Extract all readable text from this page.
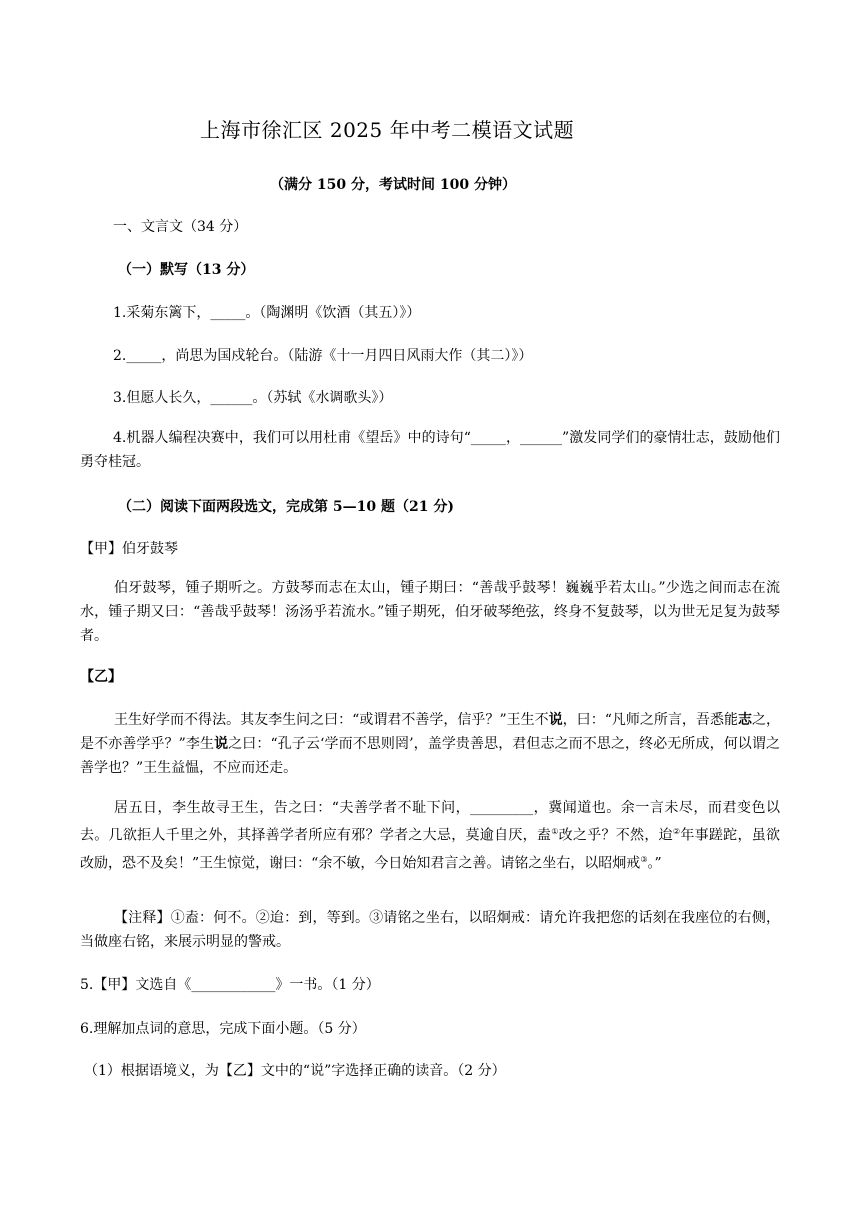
上海市徐汇区 2025 年中考二模语文试题
（满分 150 分，考试时间 100 分钟）
一、文言文（34 分）
（一）默写（13 分）
1.采菊东篱下，_____。（陶渊明《饮酒（其五）》）
2._____，尚思为国戍轮台。（陆游《十一月四日风雨大作（其二）》）
3.但愿人长久，______。（苏轼《水调歌头》）
4.机器人编程决赛中，我们可以用杜甫《望岳》中的诗句“_____，______”激发同学们的豪情壮志，鼓励他们勇夺桂冠。
（二）阅读下面两段选文，完成第 5—10 题（21 分)
【甲】伯牙鼓琴
伯牙鼓琴，锺子期听之。方鼓琴而志在太山，锺子期曰：“善哉乎鼓琴！巍巍乎若太山。”少选之间而志在流水，锺子期又曰：“善哉乎鼓琴！汤汤乎若流水。”锺子期死，伯牙破琴绝弦，终身不复鼓琴，以为世无足复为鼓琴者。
【乙】
王生好学而不得法。其友李生问之曰：“或谓君不善学，信乎？”王生不说，曰：“凡师之所言，吾悉能志之，是不亦善学乎？”李生说之曰：“孔子云‘学而不思则罔’，盖学贵善思，君但志之而不思之，终必无所成，何以谓之善学也？”王生益愠，不应而还走。
居五日，李生故寻王生，告之曰：“夫善学者不耻下问，_________，冀闻道也。余一言未尽，而君变色以去。几欲拒人千里之外，其择善学者所应有邪？学者之大忌，莫逾自厌，盍①改之乎？不然，迨②年事蹉跎，虽欲改励，恐不及矣！”王生惊觉，谢曰：“余不敏，今日始知君言之善。请铭之坐右，以昭炯戒③。”
【注释】①盍：何不。②迨：到，等到。③请铭之坐右，以昭炯戒：请允许我把您的话刻在我座位的右侧，当做座右铭，来展示明显的警戒。
5.【甲】文选自《____________》一书。（1 分）
6.理解加点词的意思，完成下面小题。（5 分）
（1）根据语境义，为【乙】文中的“说”字选择正确的读音。（2 分）
